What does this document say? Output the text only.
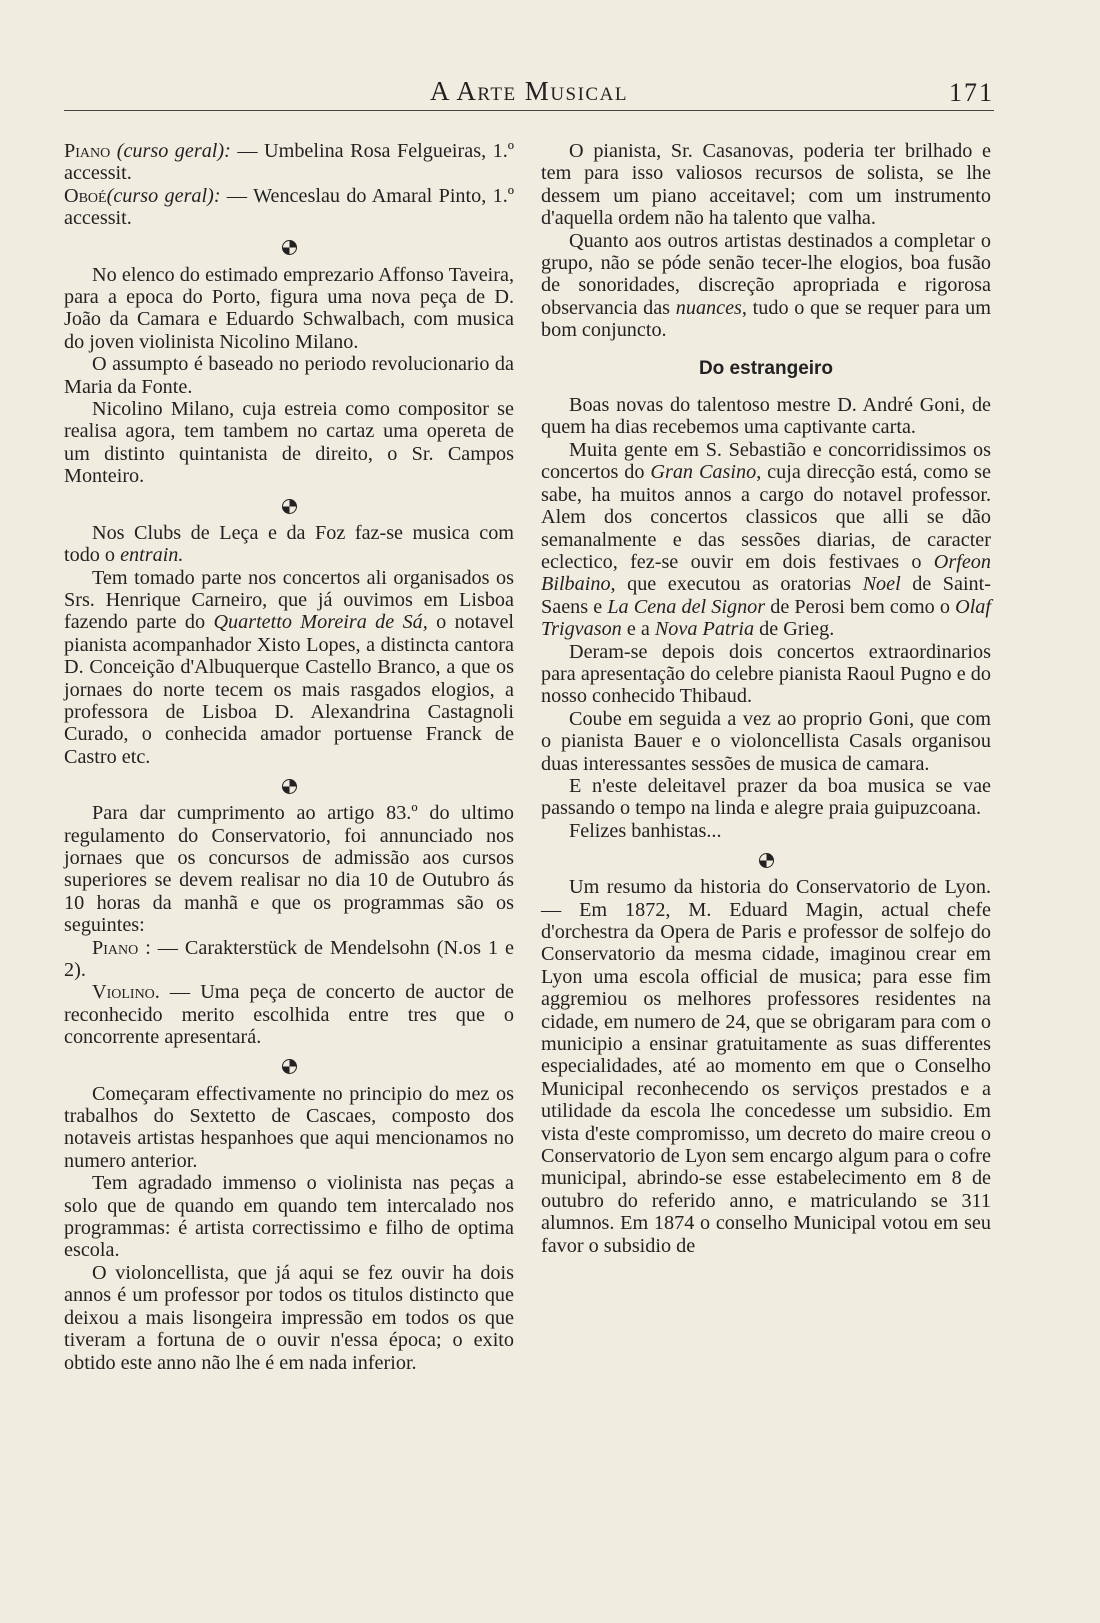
A Arte Musical	171

Piano (curso geral): — Umbelina Rosa Felgueiras, 1.º accessit.

Oboé(curso geral): — Wenceslau do Amaral Pinto, 1.º accessit.

No elenco do estimado emprezario Affonso Taveira, para a epoca do Porto, figura uma nova peça de D. João da Camara e Eduardo Schwalbach, com musica do joven violinista Nicolino Milano.

O assumpto é baseado no periodo revolucionario da Maria da Fonte.

Nicolino Milano, cuja estreia como compositor se realisa agora, tem tambem no cartaz uma opereta de um distinto quintanista de direito, o Sr. Campos Monteiro.

Nos Clubs de Leça e da Foz faz-se musica com todo o entrain.

Tem tomado parte nos concertos ali organisados os Srs. Henrique Carneiro, que já ouvimos em Lisboa fazendo parte do Quartetto Moreira de Sá, o notavel pianista acompanhador Xisto Lopes, a distincta cantora D. Conceição d'Albuquerque Castello Branco, a que os jornaes do norte tecem os mais rasgados elogios, a professora de Lisboa D. Alexandrina Castagnoli Curado, o conhecida amador portuense Franck de Castro etc.

Para dar cumprimento ao artigo 83.º do ultimo regulamento do Conservatorio, foi annunciado nos jornaes que os concursos de admissão aos cursos superiores se devem realisar no dia 10 de Outubro ás 10 horas da manhã e que os programmas são os seguintes:

Piano : — Carakterstück de Mendelsohn (N.os 1 e 2).

Violino. — Uma peça de concerto de auctor de reconhecido merito escolhida entre tres que o concorrente apresentará.

Começaram effectivamente no principio do mez os trabalhos do Sextetto de Cascaes, composto dos notaveis artistas hespanhoes que aqui mencionamos no numero anterior.

Tem agradado immenso o violinista nas peças a solo que de quando em quando tem intercalado nos programmas: é artista correctissimo e filho de optima escola.

O violoncellista, que já aqui se fez ouvir ha dois annos é um professor por todos os titulos distincto que deixou a mais lisongeira impressão em todos os que tiveram a fortuna de o ouvir n'essa época; o exito obtido este anno não lhe é em nada inferior.

O pianista, Sr. Casanovas, poderia ter brilhado e tem para isso valiosos recursos de solista, se lhe dessem um piano acceitavel; com um instrumento d'aquella ordem não ha talento que valha.

Quanto aos outros artistas destinados a completar o grupo, não se póde senão tecer-lhe elogios, boa fusão de sonoridades, discreção apropriada e rigorosa observancia das nuances, tudo o que se requer para um bom conjuncto.

Do estrangeiro

Boas novas do talentoso mestre D. André Goni, de quem ha dias recebemos uma captivante carta.

Muita gente em S. Sebastião e concorridissimos os concertos do Gran Casino, cuja direcção está, como se sabe, ha muitos annos a cargo do notavel professor. Alem dos concertos classicos que alli se dão semanalmente e das sessões diarias, de caracter eclectico, fez-se ouvir em dois festivaes o Orfeon Bilbaino, que executou as oratorias Noel de Saint-Saens e La Cena del Signor de Perosi bem como o Olaf Trigvason e a Nova Patria de Grieg.

Deram-se depois dois concertos extraordinarios para apresentação do celebre pianista Raoul Pugno e do nosso conhecido Thibaud.

Coube em seguida a vez ao proprio Goni, que com o pianista Bauer e o violoncellista Casals organisou duas interessantes sessões de musica de camara.

E n'este deleitavel prazer da boa musica se vae passando o tempo na linda e alegre praia guipuzcoana.

Felizes banhistas...

Um resumo da historia do Conservatorio de Lyon. — Em 1872, M. Eduard Magin, actual chefe d'orchestra da Opera de Paris e professor de solfejo do Conservatorio da mesma cidade, imaginou crear em Lyon uma escola official de musica; para esse fim aggremiou os melhores professores residentes na cidade, em numero de 24, que se obrigaram para com o municipio a ensinar gratuitamente as suas differentes especialidades, até ao momento em que o Conselho Municipal reconhecendo os serviços prestados e a utilidade da escola lhe concedesse um subsidio. Em vista d'este compromisso, um decreto do maire creou o Conservatorio de Lyon sem encargo algum para o cofre municipal, abrindo-se esse estabelecimento em 8 de outubro do referido anno, e matriculando se 311 alumnos. Em 1874 o conselho Municipal votou em seu favor o subsidio de
